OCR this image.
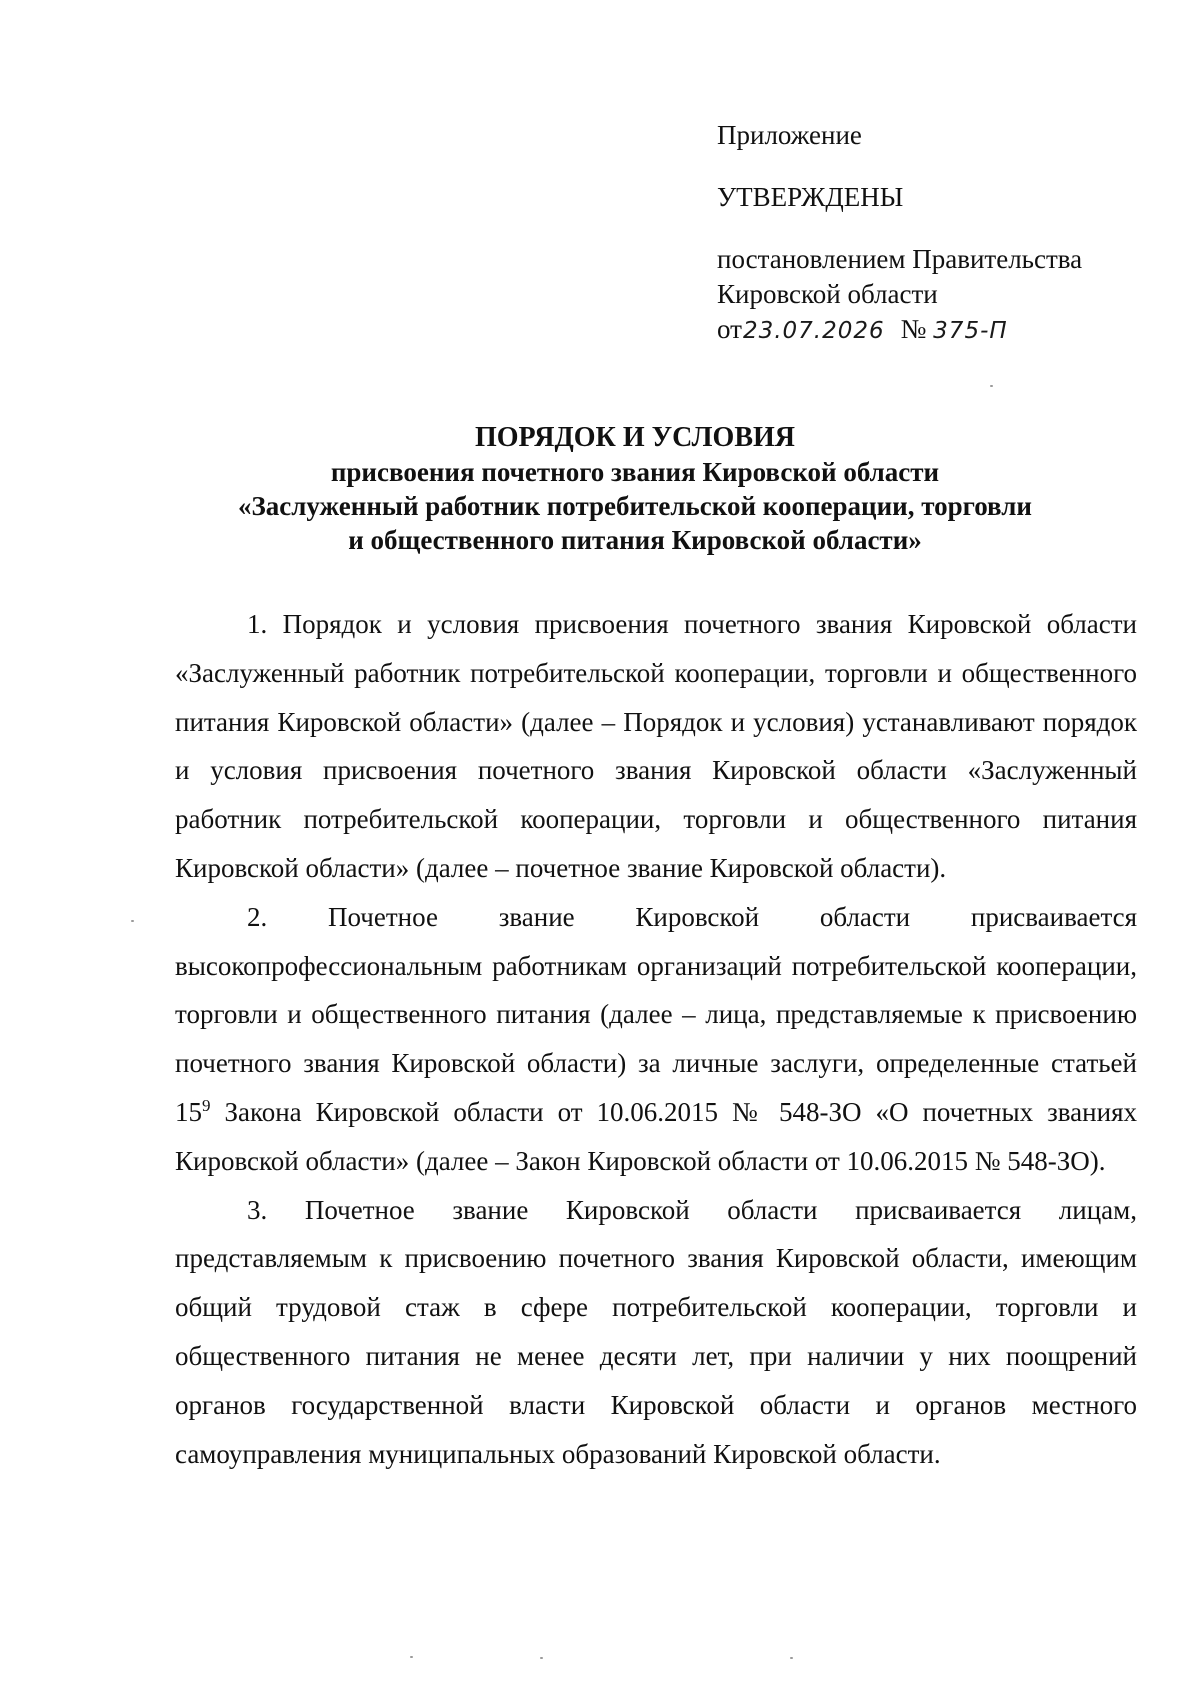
Приложение

УТВЕРЖДЕНЫ

постановлением Правительства

Кировской области

от23.07.2026 № 375-П

ПОРЯДОК И УСЛОВИЯ
присвоения почетного звания Кировской области
«Заслуженный работник потребительской кооперации, торговли
и общественного питания Кировской области»

1. Порядок и условия присвоения почетного звания Кировской области «Заслуженный работник потребительской кооперации, торговли и общественного питания Кировской области» (далее – Порядок и условия) устанавливают порядок и условия присвоения почетного звания Кировской области «Заслуженный работник потребительской кооперации, торговли и общественного питания Кировской области» (далее – почетное звание Кировской области).

2. Почетное звание Кировской области присваивается высокопрофессиональным работникам организаций потребительской кооперации, торговли и общественного питания (далее – лица, представляемые к присвоению почетного звания Кировской области) за личные заслуги, определенные статьей $15^9$ Закона Кировской области от 10.06.2015 № 548-ЗО «О почетных званиях Кировской области» (далее – Закон Кировской области от 10.06.2015 № 548-ЗО).

3. Почетное звание Кировской области присваивается лицам, представляемым к присвоению почетного звания Кировской области, имеющим общий трудовой стаж в сфере потребительской кооперации, торговли и общественного питания не менее десяти лет, при наличии у них поощрений органов государственной власти Кировской области и органов местного самоуправления муниципальных образований Кировской области.
